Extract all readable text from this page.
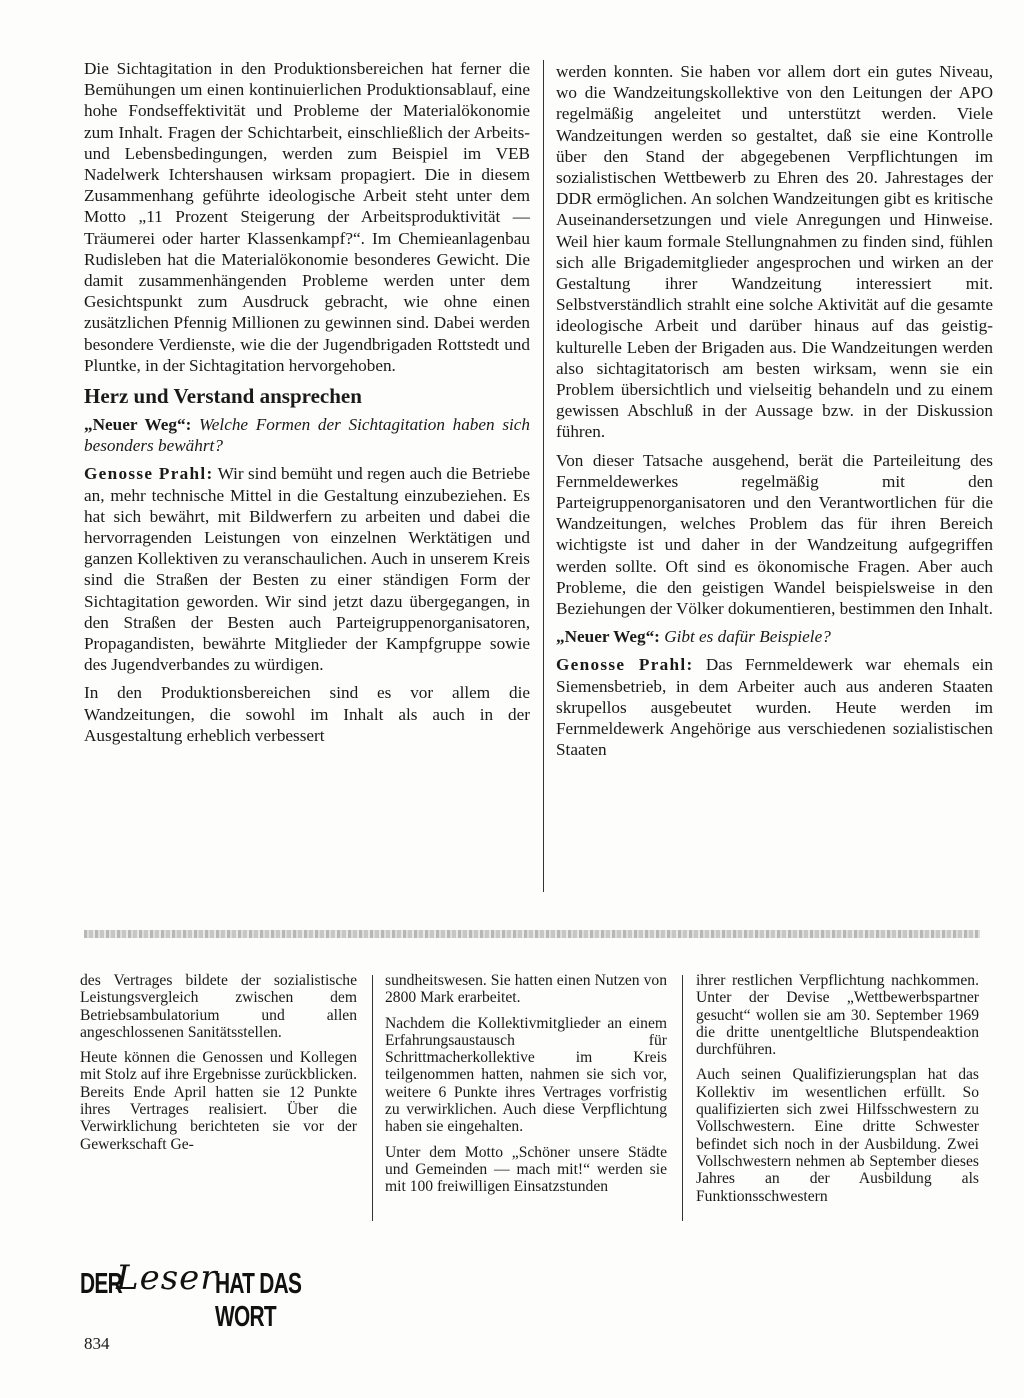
Die Sichtagitation in den Produktionsbereichen hat ferner die Bemühungen um einen kontinuierlichen Produktionsablauf, eine hohe Fondseffektivität und Probleme der Materialökonomie zum Inhalt. Fragen der Schichtarbeit, einschließlich der Arbeits- und Lebensbedingungen, werden zum Beispiel im VEB Nadelwerk Ichtershausen wirksam propagiert. Die in diesem Zusammenhang geführte ideologische Arbeit steht unter dem Motto „11 Prozent Steigerung der Arbeitsproduktivität — Träumerei oder harter Klassenkampf?“. Im Chemieanlagenbau Rudisleben hat die Materialökonomie besonderes Gewicht. Die damit zusammenhängenden Probleme werden unter dem Gesichtspunkt zum Ausdruck gebracht, wie ohne einen zusätzlichen Pfennig Millionen zu gewinnen sind. Dabei werden besondere Verdienste, wie die der Jugendbrigaden Rottstedt und Pluntke, in der Sichtagitation hervorgehoben.

Herz und Verstand ansprechen

„Neuer Weg“: Welche Formen der Sichtagitation haben sich besonders bewährt?

Genosse Prahl: Wir sind bemüht und regen auch die Betriebe an, mehr technische Mittel in die Gestaltung einzubeziehen. Es hat sich bewährt, mit Bildwerfern zu arbeiten und dabei die hervorragenden Leistungen von einzelnen Werktätigen und ganzen Kollektiven zu veranschaulichen. Auch in unserem Kreis sind die Straßen der Besten zu einer ständigen Form der Sichtagitation geworden. Wir sind jetzt dazu übergegangen, in den Straßen der Besten auch Parteigruppenorganisatoren, Propagandisten, bewährte Mitglieder der Kampfgruppe sowie des Jugendverbandes zu würdigen.

In den Produktionsbereichen sind es vor allem die Wandzeitungen, die sowohl im Inhalt als auch in der Ausgestaltung erheblich verbessert

werden konnten. Sie haben vor allem dort ein gutes Niveau, wo die Wandzeitungskollektive von den Leitungen der APO regelmäßig angeleitet und unterstützt werden. Viele Wandzeitungen werden so gestaltet, daß sie eine Kontrolle über den Stand der abgegebenen Verpflichtungen im sozialistischen Wettbewerb zu Ehren des 20. Jahrestages der DDR ermöglichen. An solchen Wandzeitungen gibt es kritische Auseinandersetzungen und viele Anregungen und Hinweise. Weil hier kaum formale Stellungnahmen zu finden sind, fühlen sich alle Brigademitglieder angesprochen und wirken an der Gestaltung ihrer Wandzeitung interessiert mit. Selbstverständlich strahlt eine solche Aktivität auf die gesamte ideologische Arbeit und darüber hinaus auf das geistig-kulturelle Leben der Brigaden aus. Die Wandzeitungen werden also sichtagitatorisch am besten wirksam, wenn sie ein Problem übersichtlich und vielseitig behandeln und zu einem gewissen Abschluß in der Aussage bzw. in der Diskussion führen.

Von dieser Tatsache ausgehend, berät die Parteileitung des Fernmeldewerkes regelmäßig mit den Parteigruppenorganisatoren und den Verantwortlichen für die Wandzeitungen, welches Problem das für ihren Bereich wichtigste ist und daher in der Wandzeitung aufgegriffen werden sollte. Oft sind es ökonomische Fragen. Aber auch Probleme, die den geistigen Wandel beispielsweise in den Beziehungen der Völker dokumentieren, bestimmen den Inhalt.

„Neuer Weg“: Gibt es dafür Beispiele?

Genosse Prahl: Das Fernmeldewerk war ehemals ein Siemensbetrieb, in dem Arbeiter auch aus anderen Staaten skrupellos ausgebeutet wurden. Heute werden im Fernmeldewerk Angehörige aus verschiedenen sozialistischen Staaten

des Vertrages bildete der sozialistische Leistungsvergleich zwischen dem Betriebsambulatorium und allen angeschlossenen Sanitätsstellen.

Heute können die Genossen und Kollegen mit Stolz auf ihre Ergebnisse zurückblicken. Bereits Ende April hatten sie 12 Punkte ihres Vertrages realisiert. Über die Verwirklichung berichteten sie vor der Gewerkschaft Ge-

sundheitswesen. Sie hatten einen Nutzen von 2800 Mark erarbeitet.

Nachdem die Kollektivmitglieder an einem Erfahrungsaustausch für Schrittmacherkollektive im Kreis teilgenommen hatten, nahmen sie sich vor, weitere 6 Punkte ihres Vertrages vorfristig zu verwirklichen. Auch diese Verpflichtung haben sie eingehalten.

Unter dem Motto „Schöner unsere Städte und Gemeinden — mach mit!“ werden sie mit 100 freiwilligen Einsatzstunden

ihrer restlichen Verpflichtung nachkommen. Unter der Devise „Wettbewerbspartner gesucht“ wollen sie am 30. September 1969 die dritte unentgeltliche Blutspendeaktion durchführen.

Auch seinen Qualifizierungsplan hat das Kollektiv im wesentlichen erfüllt. So qualifizierten sich zwei Hilfsschwestern zu Vollschwestern. Eine dritte Schwester befindet sich noch in der Ausbildung. Zwei Vollschwestern nehmen ab September dieses Jahres an der Ausbildung als Funktionsschwestern

DER
Leser
HAT DAS WORT
834
